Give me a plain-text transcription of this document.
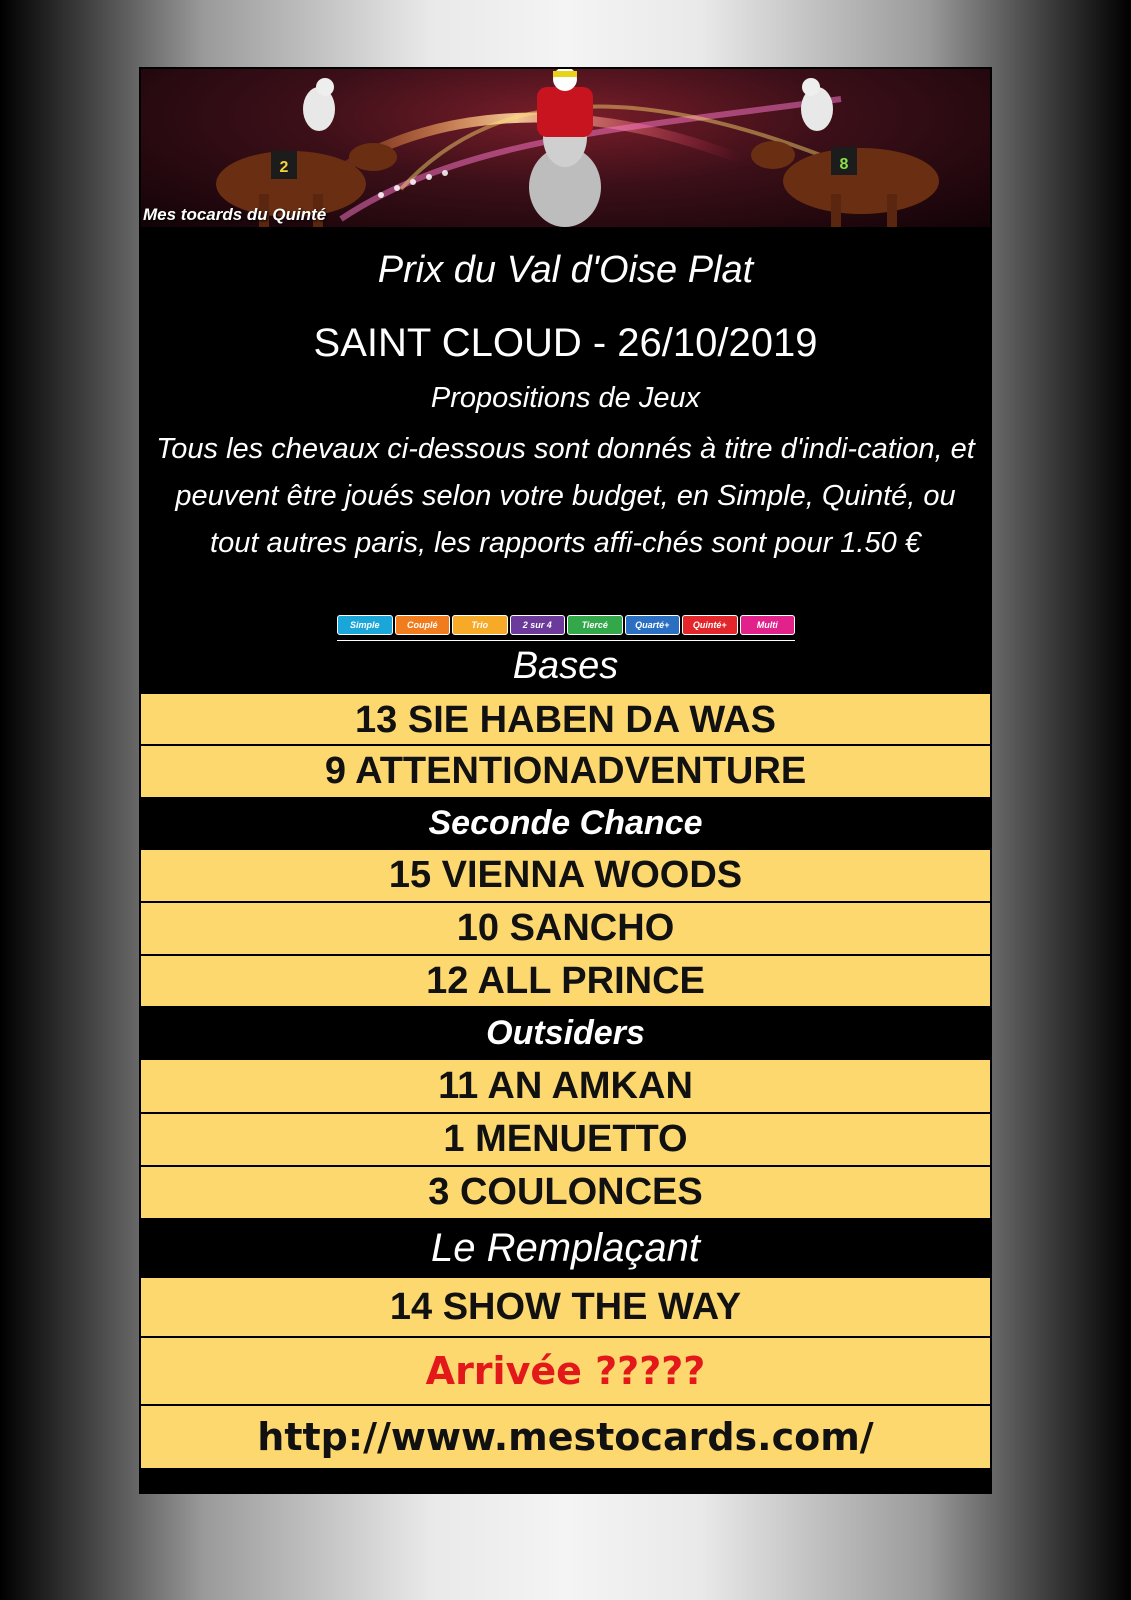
2	8
Mes tocards du Quinté
Prix du Val d'Oise Plat
SAINT CLOUD - 26/10/2019
Propositions de Jeux
Tous les chevaux ci-dessous sont donnés à titre d'indi-cation, et peuvent être joués selon votre budget, en Simple, Quinté, ou tout autres paris, les rapports affi-chés sont pour 1.50 €
Simple	Couplé	Trio	2 sur 4	Tiercé	Quarté+	Quinté+	Multi
Bases
13 SIE HABEN DA WAS
9 ATTENTIONADVENTURE
Seconde Chance
15 VIENNA WOODS
10 SANCHO
12 ALL PRINCE
Outsiders
11 AN AMKAN
1 MENUETTO
3 COULONCES
Le Remplaçant
14 SHOW THE WAY
Arrivée ?????
http://www.mestocards.com/
